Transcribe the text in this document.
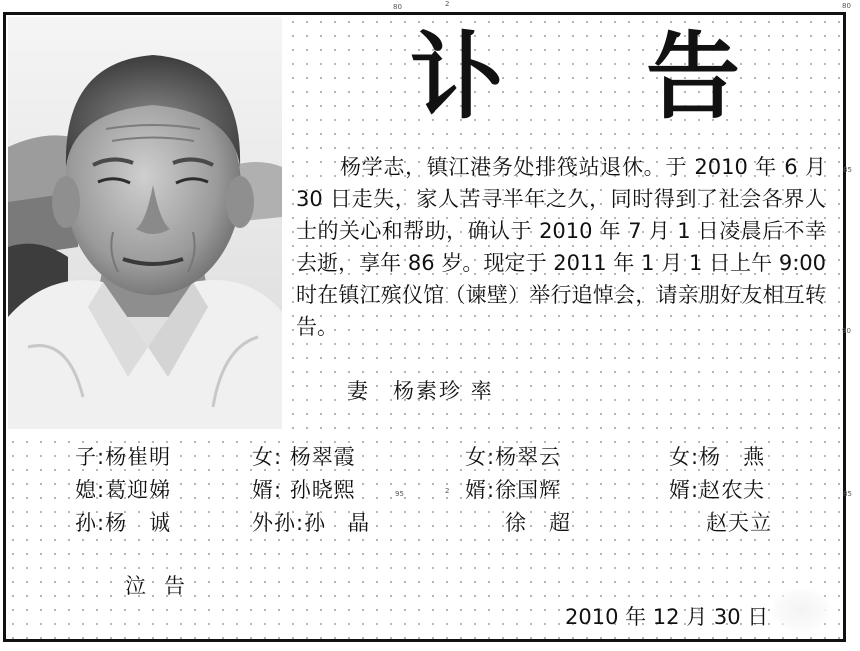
80	2	80
85
90
85
95	2
讣 告

杨学志，镇江港务处排筏站退休。于 2010 年 6 月 30 日走失，家人苦寻半年之久，同时得到了社会各界人士的关心和帮助，确认于 2010 年 7 月 1 日凌晨后不幸去逝，享年 86 岁。现定于 2011 年 1 月 1 日上午 9:00 时在镇江殡仪馆（谏壁）举行追悼会，请亲朋好友相互转告。

妻　杨素珍 率
子:杨崔明	女: 杨翠霞	女:杨翠云	女:杨　燕
媳:葛迎娣	婿: 孙晓熙	婿:徐国辉	婿:赵农夫
孙:杨　诚	外孙:孙　晶	徐　超	赵天立
泣告
2010 年 12 月 30 日
